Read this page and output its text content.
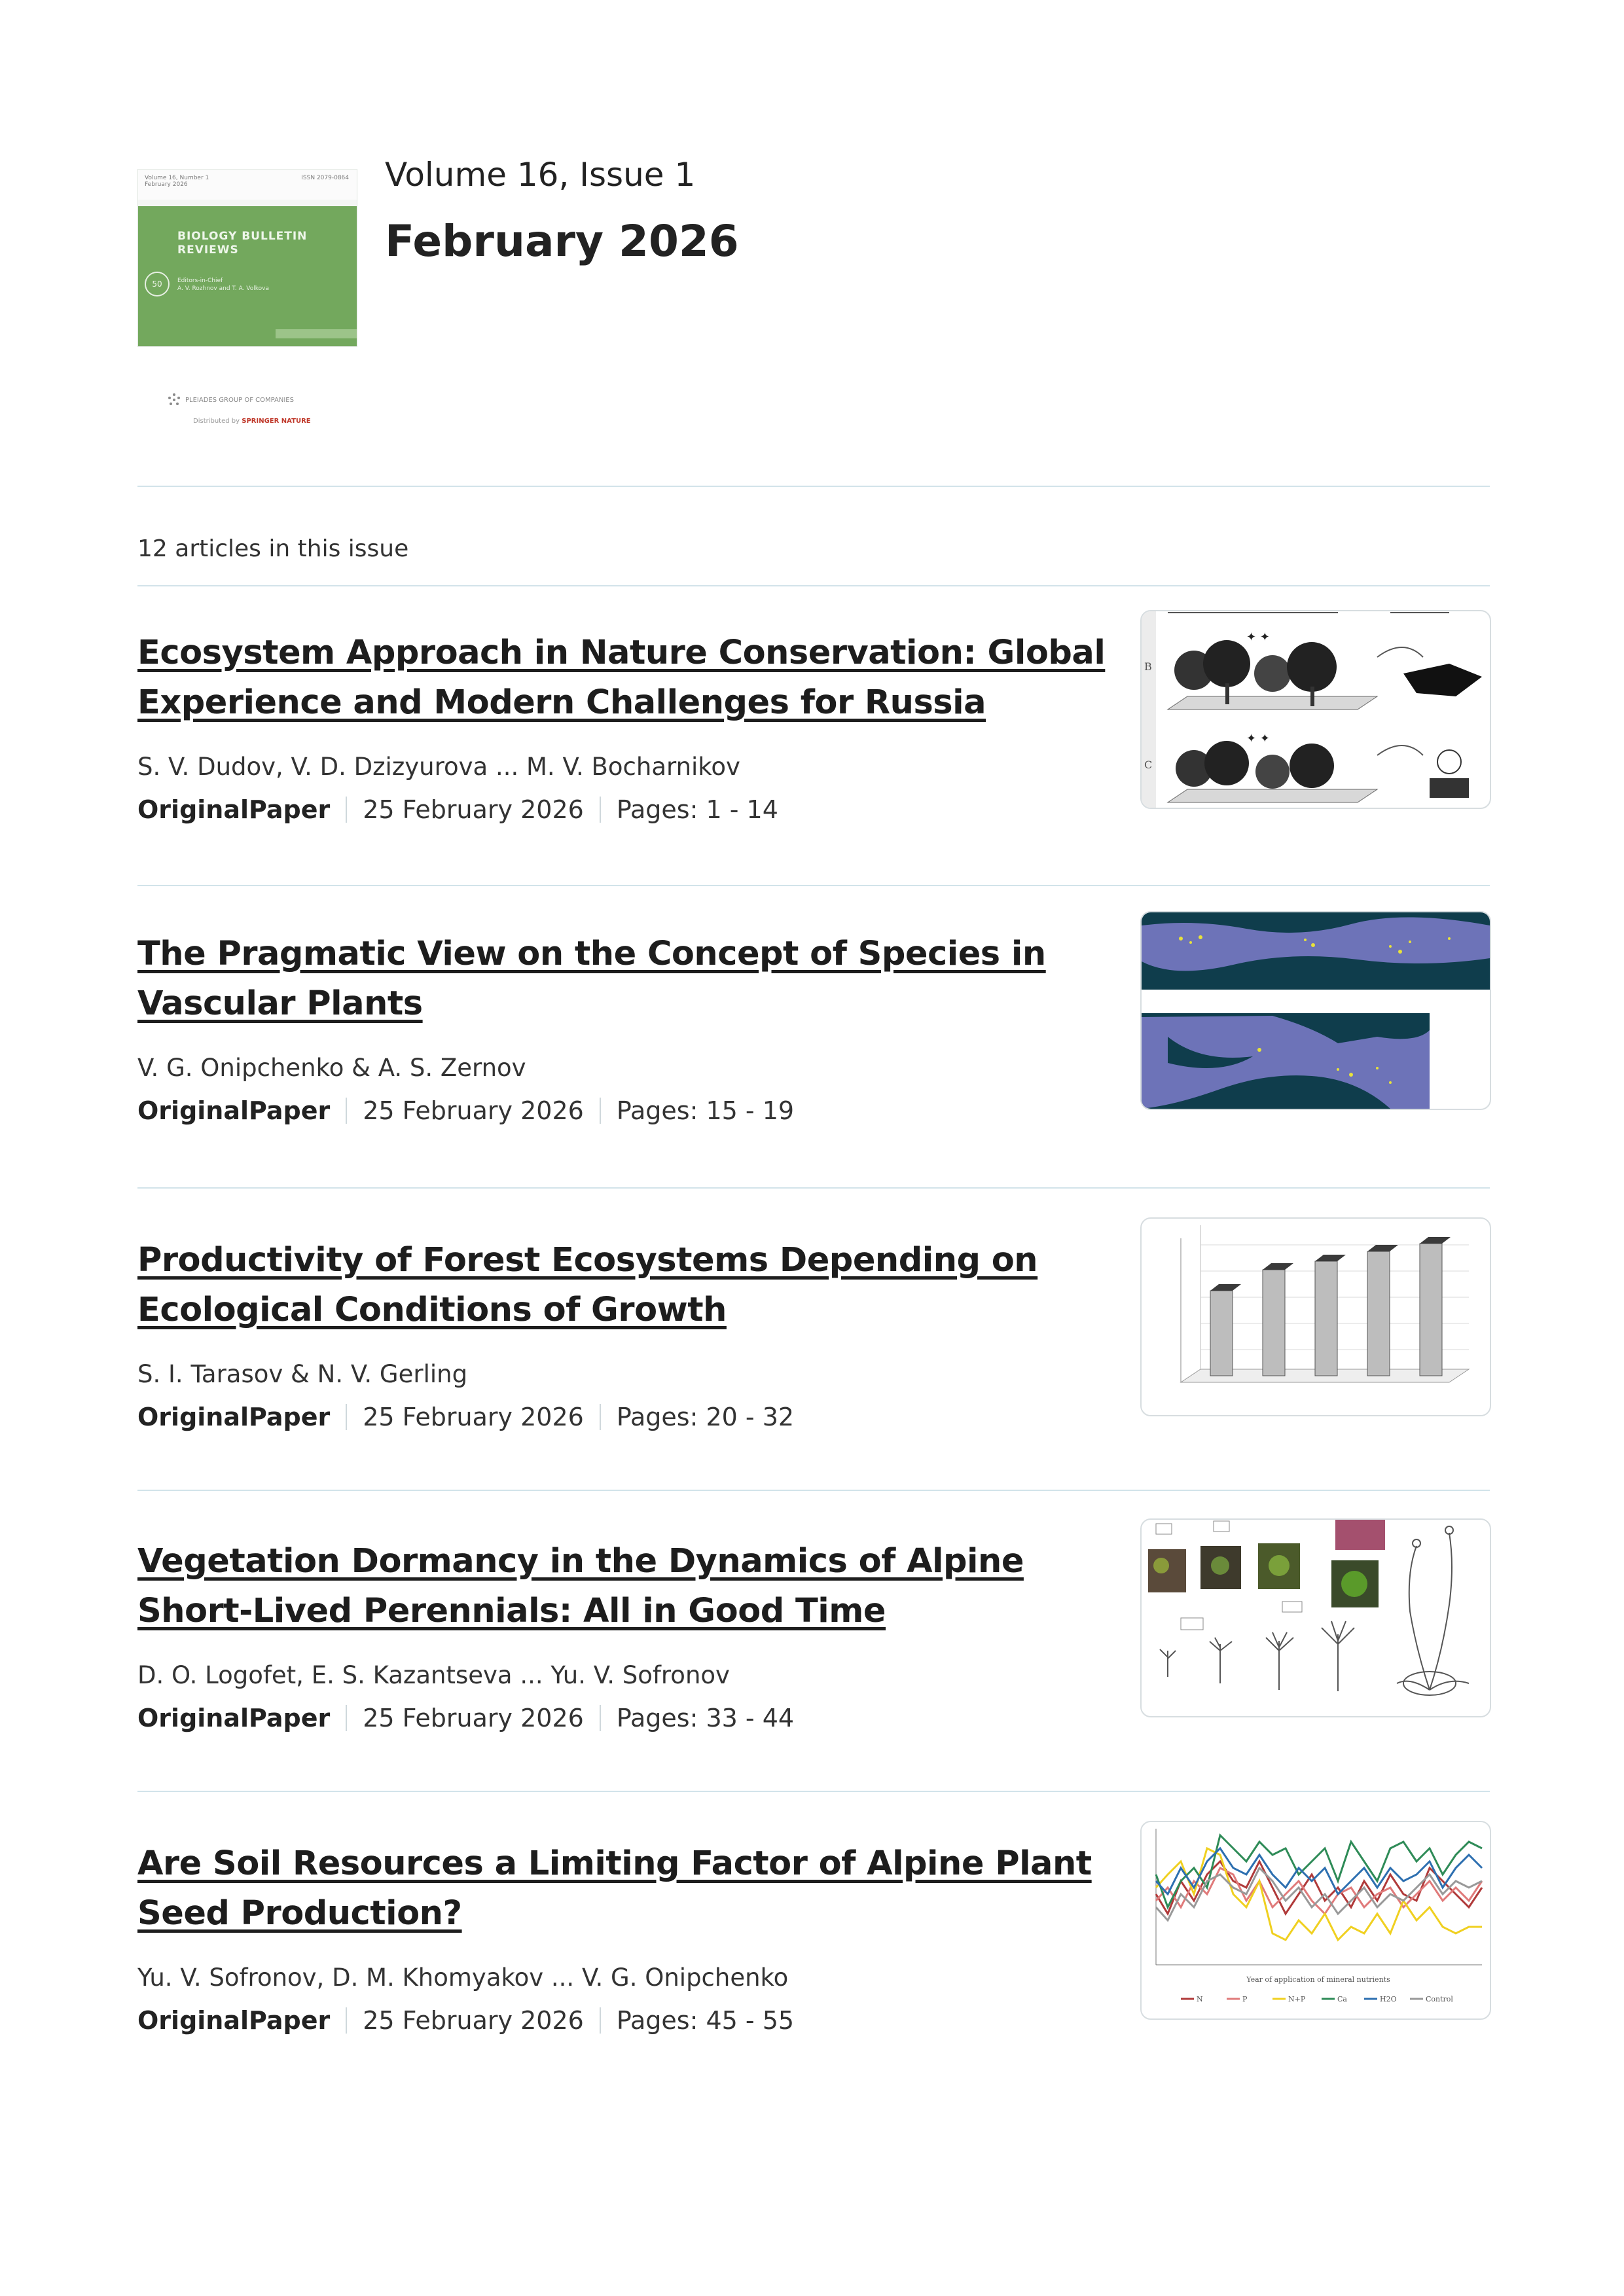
Volume 16, Number 1
February 2026
ISSN 2079-0864
BIOLOGY BULLETIN
REVIEWS
50	Editors-in-Chief
A. V. Rozhnov and T. A. Volkova
PLEIADES GROUP OF COMPANIES
Distributed by SPRINGER NATURE
Volume 16, Issue 1
February 2026
12 articles in this issue
Ecosystem Approach in Nature Conservation: Global Experience and Modern Challenges for Russia
S. V. Dudov, V. D. Dzizyurova ... M. V. Bocharnikov
OriginalPaper 25 February 2026 Pages: 1 - 14
B
C
✦ ✦
✦ ✦
The Pragmatic View on the Concept of Species in Vascular Plants
V. G. Onipchenko & A. S. Zernov
OriginalPaper 25 February 2026 Pages: 15 - 19
Productivity of Forest Ecosystems Depending on Ecological Conditions of Growth
S. I. Tarasov & N. V. Gerling
OriginalPaper 25 February 2026 Pages: 20 - 32
Vegetation Dormancy in the Dynamics of Alpine Short-Lived Perennials: All in Good Time
D. O. Logofet, E. S. Kazantseva ... Yu. V. Sofronov
OriginalPaper 25 February 2026 Pages: 33 - 44
Are Soil Resources a Limiting Factor of Alpine Plant Seed Production?
Yu. V. Sofronov, D. M. Khomyakov ... V. G. Onipchenko
OriginalPaper 25 February 2026 Pages: 45 - 55
Year of application of mineral nutrients
N	P	N+P	Ca	H2O	Control
